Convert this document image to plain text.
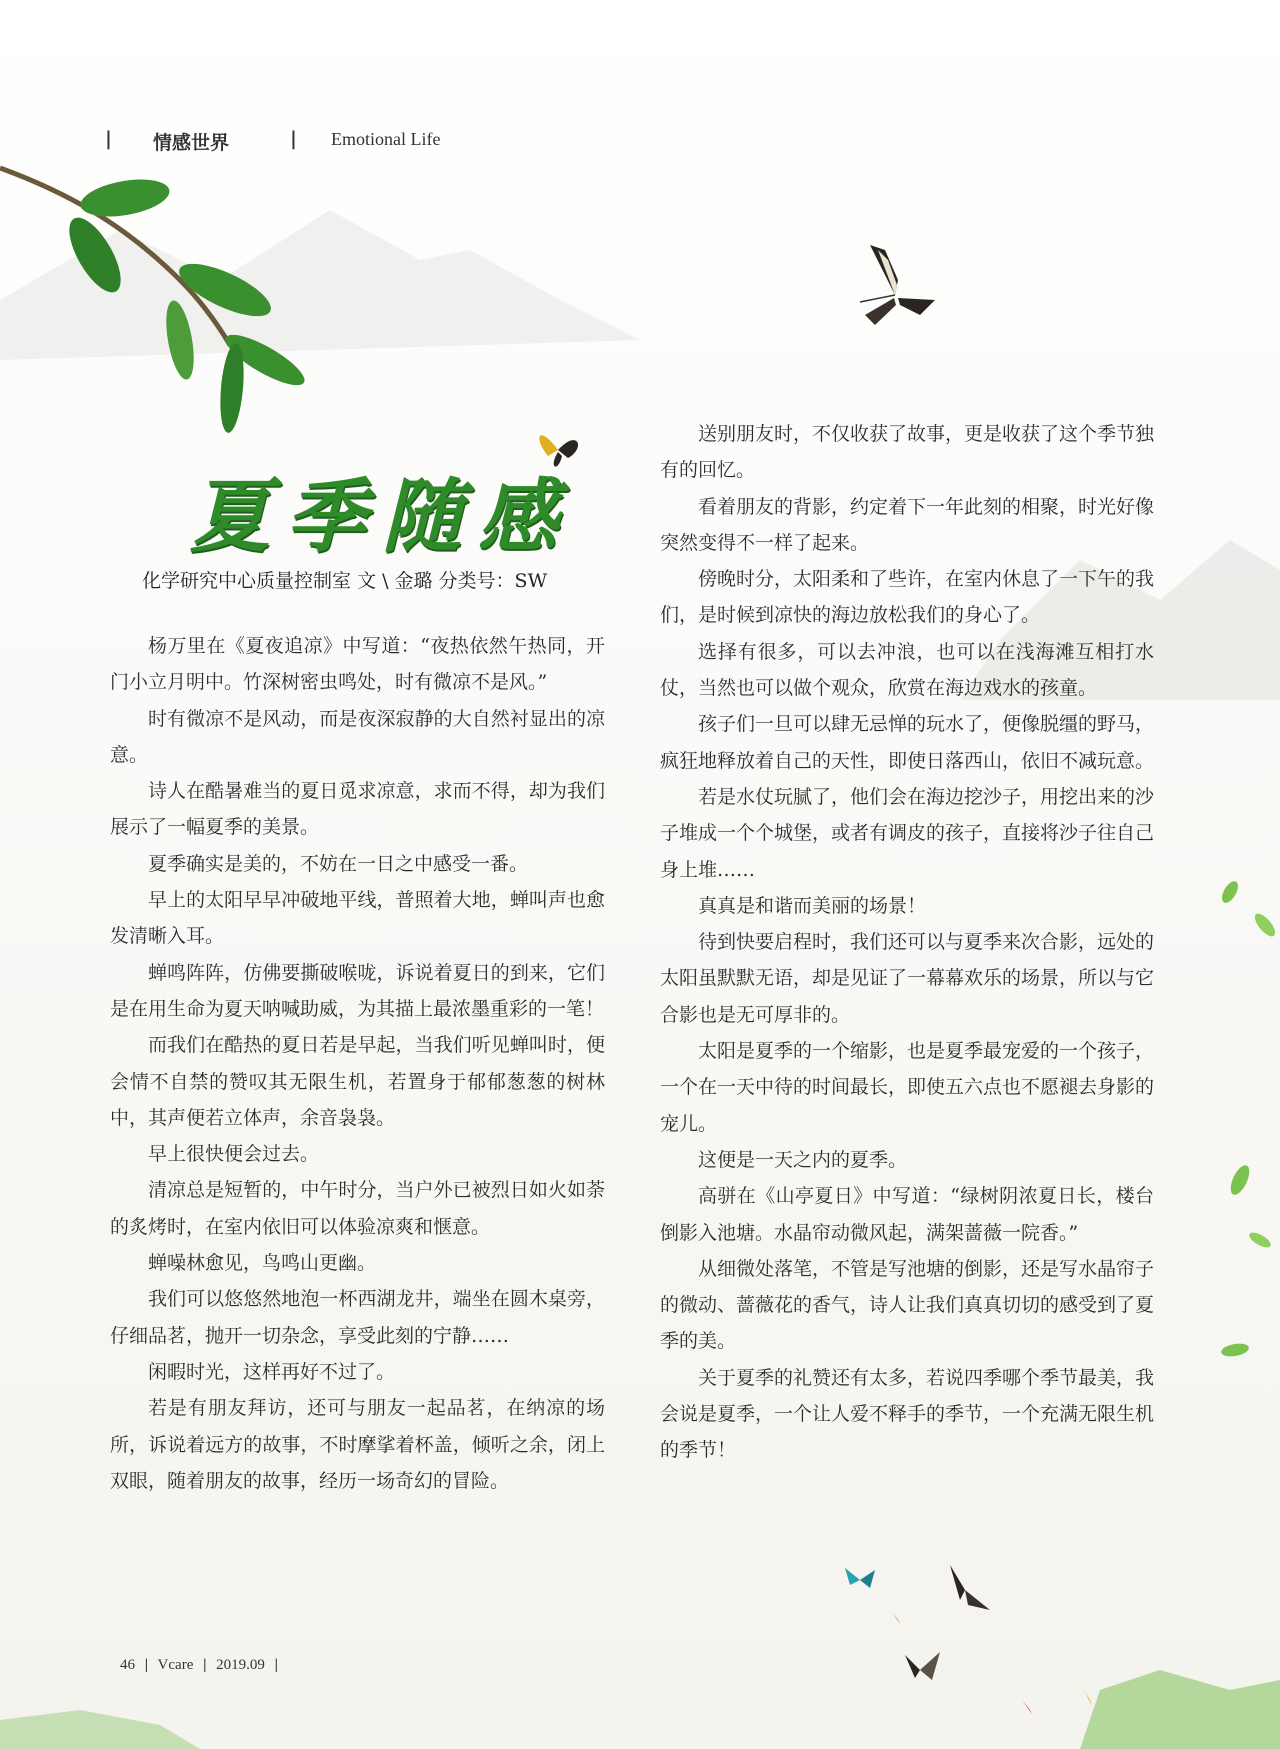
| 情感世界	| Emotional Life
夏季随感
化学研究中心质量控制室 文 \ 金璐 分类号：SW

杨万里在《夏夜追凉》中写道：“夜热依然午热同，开门小立月明中。竹深树密虫鸣处，时有微凉不是风。”

时有微凉不是风动，而是夜深寂静的大自然衬显出的凉意。

诗人在酷暑难当的夏日觅求凉意，求而不得，却为我们展示了一幅夏季的美景。

夏季确实是美的，不妨在一日之中感受一番。

早上的太阳早早冲破地平线，普照着大地，蝉叫声也愈发清晰入耳。

蝉鸣阵阵，仿佛要撕破喉咙，诉说着夏日的到来，它们是在用生命为夏天呐喊助威，为其描上最浓墨重彩的一笔！

而我们在酷热的夏日若是早起，当我们听见蝉叫时，便会情不自禁的赞叹其无限生机，若置身于郁郁葱葱的树林中，其声便若立体声，余音袅袅。

早上很快便会过去。

清凉总是短暂的，中午时分，当户外已被烈日如火如荼的炙烤时，在室内依旧可以体验凉爽和惬意。

蝉噪林愈见，鸟鸣山更幽。

我们可以悠悠然地泡一杯西湖龙井，端坐在圆木桌旁，仔细品茗，抛开一切杂念，享受此刻的宁静……

闲暇时光，这样再好不过了。

若是有朋友拜访，还可与朋友一起品茗，在纳凉的场所，诉说着远方的故事，不时摩挲着杯盖，倾听之余，闭上双眼，随着朋友的故事，经历一场奇幻的冒险。

送别朋友时，不仅收获了故事，更是收获了这个季节独有的回忆。

看着朋友的背影，约定着下一年此刻的相聚，时光好像突然变得不一样了起来。

傍晚时分，太阳柔和了些许，在室内休息了一下午的我们，是时候到凉快的海边放松我们的身心了。

选择有很多，可以去冲浪，也可以在浅海滩互相打水仗，当然也可以做个观众，欣赏在海边戏水的孩童。

孩子们一旦可以肆无忌惮的玩水了，便像脱缰的野马，疯狂地释放着自己的天性，即使日落西山，依旧不减玩意。

若是水仗玩腻了，他们会在海边挖沙子，用挖出来的沙子堆成一个个城堡，或者有调皮的孩子，直接将沙子往自己身上堆……

真真是和谐而美丽的场景！

待到快要启程时，我们还可以与夏季来次合影，远处的太阳虽默默无语，却是见证了一幕幕欢乐的场景，所以与它合影也是无可厚非的。

太阳是夏季的一个缩影，也是夏季最宠爱的一个孩子，一个在一天中待的时间最长，即使五六点也不愿褪去身影的宠儿。

这便是一天之内的夏季。

高骈在《山亭夏日》中写道：“绿树阴浓夏日长，楼台倒影入池塘。水晶帘动微风起，满架蔷薇一院香。”

从细微处落笔，不管是写池塘的倒影，还是写水晶帘子的微动、蔷薇花的香气，诗人让我们真真切切的感受到了夏季的美。

关于夏季的礼赞还有太多，若说四季哪个季节最美，我会说是夏季，一个让人爱不释手的季节，一个充满无限生机的季节！

46 | Vcare | 2019.09 |
